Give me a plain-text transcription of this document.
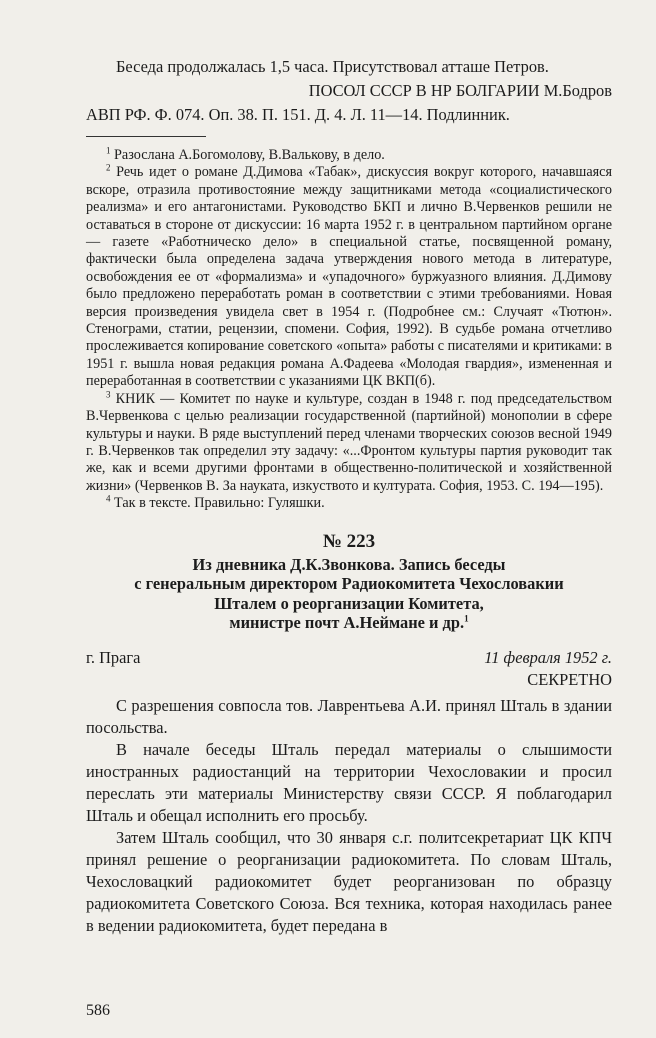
Беседа продолжалась 1,5 часа. Присутствовал атташе Петров.

ПОСОЛ СССР В НР БОЛГАРИИ М.Бодров

АВП РФ. Ф. 074. Оп. 38. П. 151. Д. 4. Л. 11—14. Подлинник.

$^1$ Разослана А.Богомолову, В.Валькову, в дело.

$^2$ Речь идет о романе Д.Димова «Табак», дискуссия вокруг которого, начавшаяся вскоре, отразила противостояние между защитниками метода «социалистического реализма» и его антагонистами. Руководство БКП и лично В.Червенков решили не оставаться в стороне от дискуссии: 16 марта 1952 г. в центральном партийном органе — газете «Работническо дело» в специальной статье, посвященной роману, фактически была определена задача утверждения нового метода в литературе, освобождения ее от «формализма» и «упадочного» буржуазного влияния. Д.Димову было предложено переработать роман в соответствии с этими требованиями. Новая версия произведения увидела свет в 1954 г. (Подробнее см.: Случаят «Тютюн». Стенограми, статии, рецензии, спомени. София, 1992). В судьбе романа отчетливо прослеживается копирование советского «опыта» работы с писателями и критиками: в 1951 г. вышла новая редакция романа А.Фадеева «Молодая гвардия», измененная и переработанная в соответствии с указаниями ЦК ВКП(б).

$^3$ КНИК — Комитет по науке и культуре, создан в 1948 г. под председательством В.Червенкова с целью реализации государственной (партийной) монополии в сфере культуры и науки. В ряде выступлений перед членами творческих союзов весной 1949 г. В.Червенков так определил эту задачу: «...Фронтом культуры партия руководит так же, как и всеми другими фронтами в общественно-политической и хозяйственной жизни» (Червенков В. За науката, изкуството и културата. София, 1953. С. 194—195).

$^4$ Так в тексте. Правильно: Гуляшки.

№ 223
Из дневника Д.К.Звонкова. Запись беседы
с генеральным директором Радиокомитета Чехословакии
Шталем о реорганизации Комитета,
министре почт А.Неймане и др.$^1$
г. Прага	11 февраля 1952 г.

СЕКРЕТНО

С разрешения совпосла тов. Лаврентьева А.И. принял Шталь в здании посольства.

В начале беседы Шталь передал материалы о слышимости иностранных радиостанций на территории Чехословакии и просил переслать эти материалы Министерству связи СССР. Я поблагодарил Шталь и обещал исполнить его просьбу.

Затем Шталь сообщил, что 30 января с.г. политсекретариат ЦК КПЧ принял решение о реорганизации радиокомитета. По словам Шталь, Чехословацкий радиокомитет будет реорганизован по образцу радиокомитета Советского Союза. Вся техника, которая находилась ранее в ведении радиокомитета, будет передана в

586
